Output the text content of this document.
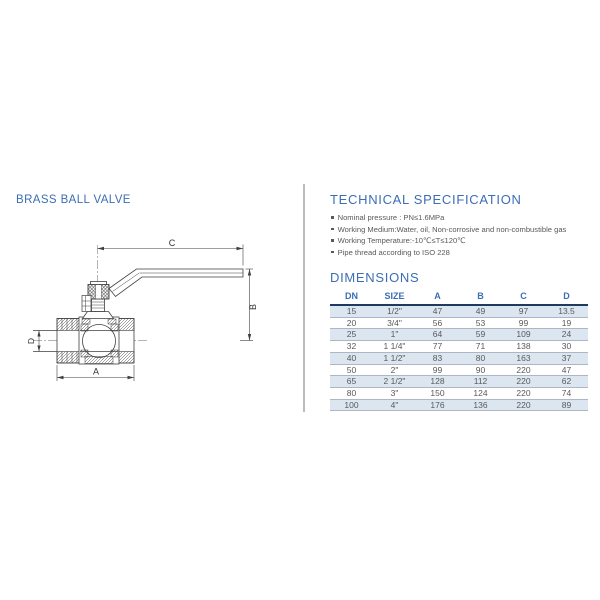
BRASS BALL VALVE
C
B
D
A
TECHNICAL SPECIFICATION
Nominal pressure : PN≤1.6MPa
Working Medium:Water, oil, Non-corrosive and non-combustible gas
Working Temperature:-10℃≤T≤120℃
Pipe thread according to ISO 228
DIMENSIONS
DN	SIZE	A	B	C	D
15	1/2"	47	49	97	13.5
20	3/4"	56	53	99	19
25	1"	64	59	109	24
32	1 1/4"	77	71	138	30
40	1 1/2"	83	80	163	37
50	2"	99	90	220	47
65	2 1/2"	128	112	220	62
80	3"	150	124	220	74
100	4"	176	136	220	89
